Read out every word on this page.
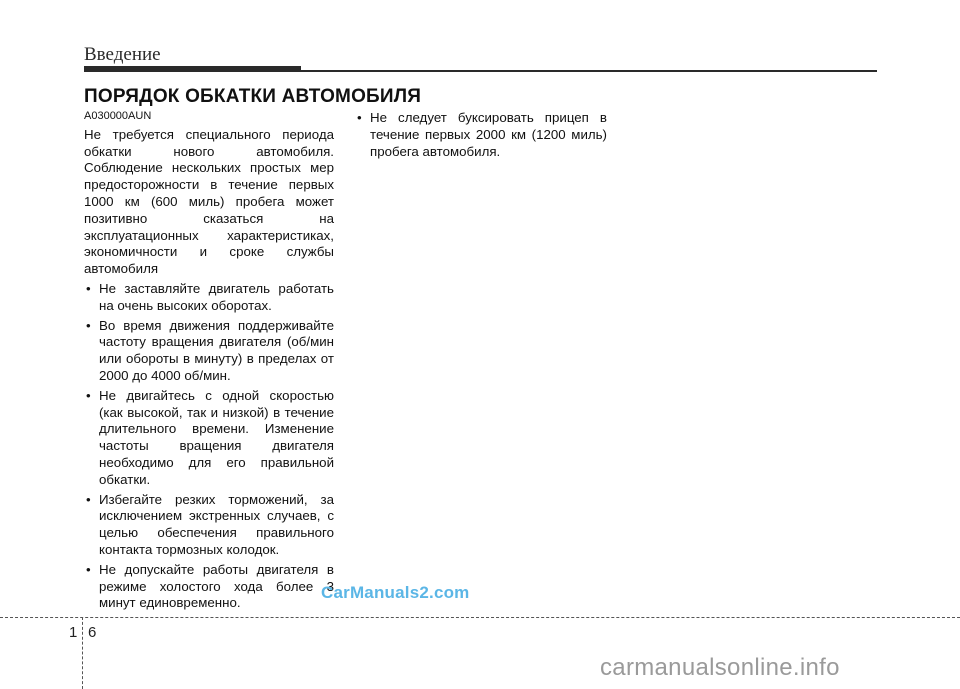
Введение
ПОРЯДОК ОБКАТКИ АВТОМОБИЛЯ
A030000AUN
Не требуется специального периода обкатки нового автомобиля. Соблюдение нескольких простых мер предосторожности в течение первых 1000 км (600 миль) пробега может позитивно сказаться на эксплуатационных характеристиках, экономичности и сроке службы автомобиля
• Не заставляйте двигатель работать на очень высоких оборотах.
• Во время движения поддерживайте частоту вращения двигателя (об/мин или обороты в минуту) в пределах от 2000 до 4000 об/мин.
• Не двигайтесь с одной скоростью (как высокой, так и низкой) в течение длительного времени. Изменение частоты вращения двигателя необходимо для его правильной обкатки.
• Избегайте резких торможений, за исключением экстренных случаев, с целью обеспечения правильного контакта тормозных колодок.
• Не допускайте работы двигателя в режиме холостого хода более 3 минут единовременно.
• Не следует буксировать прицеп в течение первых 2000 км (1200 миль) пробега автомобиля.
CarManuals2.com
1 6
carmanualsonline.info
